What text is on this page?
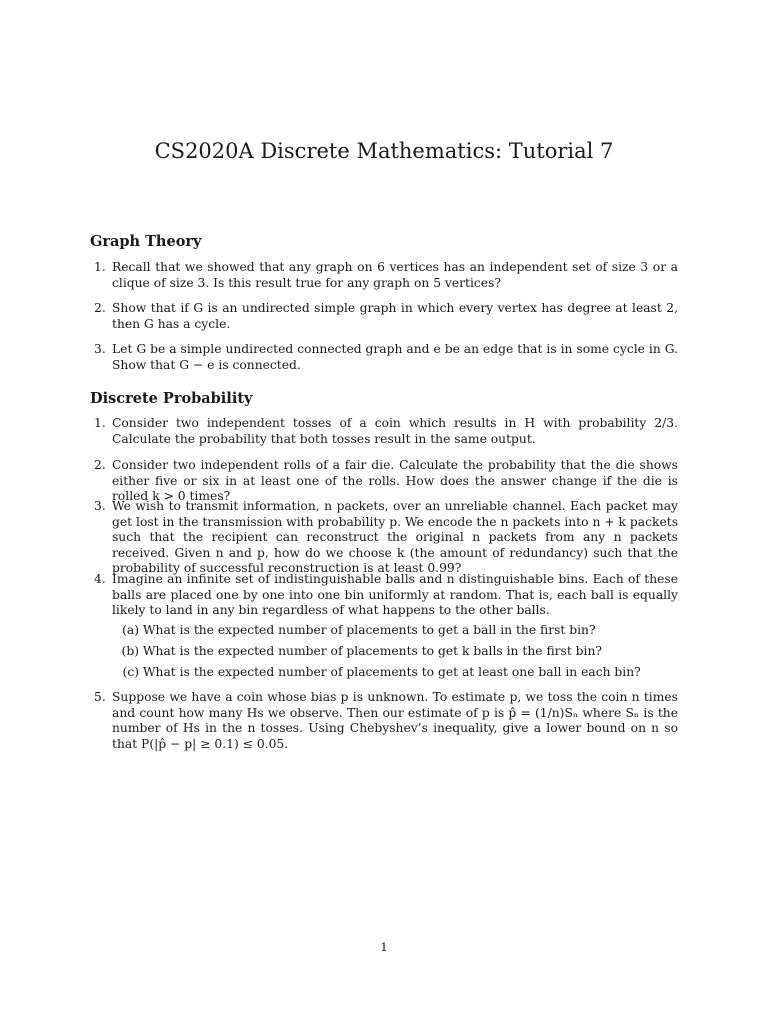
CS2020A Discrete Mathematics: Tutorial 7
Graph Theory
1. Recall that we showed that any graph on 6 vertices has an independent set of size 3 or a clique of size 3. Is this result true for any graph on 5 vertices?

2. Show that if G is an undirected simple graph in which every vertex has degree at least 2, then G has a cycle.

3. Let G be a simple undirected connected graph and e be an edge that is in some cycle in G. Show that G − e is connected.

Discrete Probability
1. Consider two independent tosses of a coin which results in H with probability 2/3. Calculate the probability that both tosses result in the same output.

2. Consider two independent rolls of a fair die. Calculate the probability that the die shows either five or six in at least one of the rolls. How does the answer change if the die is rolled k > 0 times?

3. We wish to transmit information, n packets, over an unreliable channel. Each packet may get lost in the transmission with probability p. We encode the n packets into n + k packets such that the recipient can reconstruct the original n packets from any n packets received. Given n and p, how do we choose k (the amount of redundancy) such that the probability of successful reconstruction is at least 0.99?

4. Imagine an infinite set of indistinguishable balls and n distinguishable bins. Each of these balls are placed one by one into one bin uniformly at random. That is, each ball is equally likely to land in any bin regardless of what happens to the other balls.

(a) What is the expected number of placements to get a ball in the first bin?
(b) What is the expected number of placements to get k balls in the first bin?
(c) What is the expected number of placements to get at least one ball in each bin?
5. Suppose we have a coin whose bias p is unknown. To estimate p, we toss the coin n times and count how many Hs we observe. Then our estimate of p is p̂ = (1/n)Sₙ where Sₙ is the number of Hs in the n tosses. Using Chebyshev’s inequality, give a lower bound on n so that P(|p̂ − p| ≥ 0.1) ≤ 0.05.

1
